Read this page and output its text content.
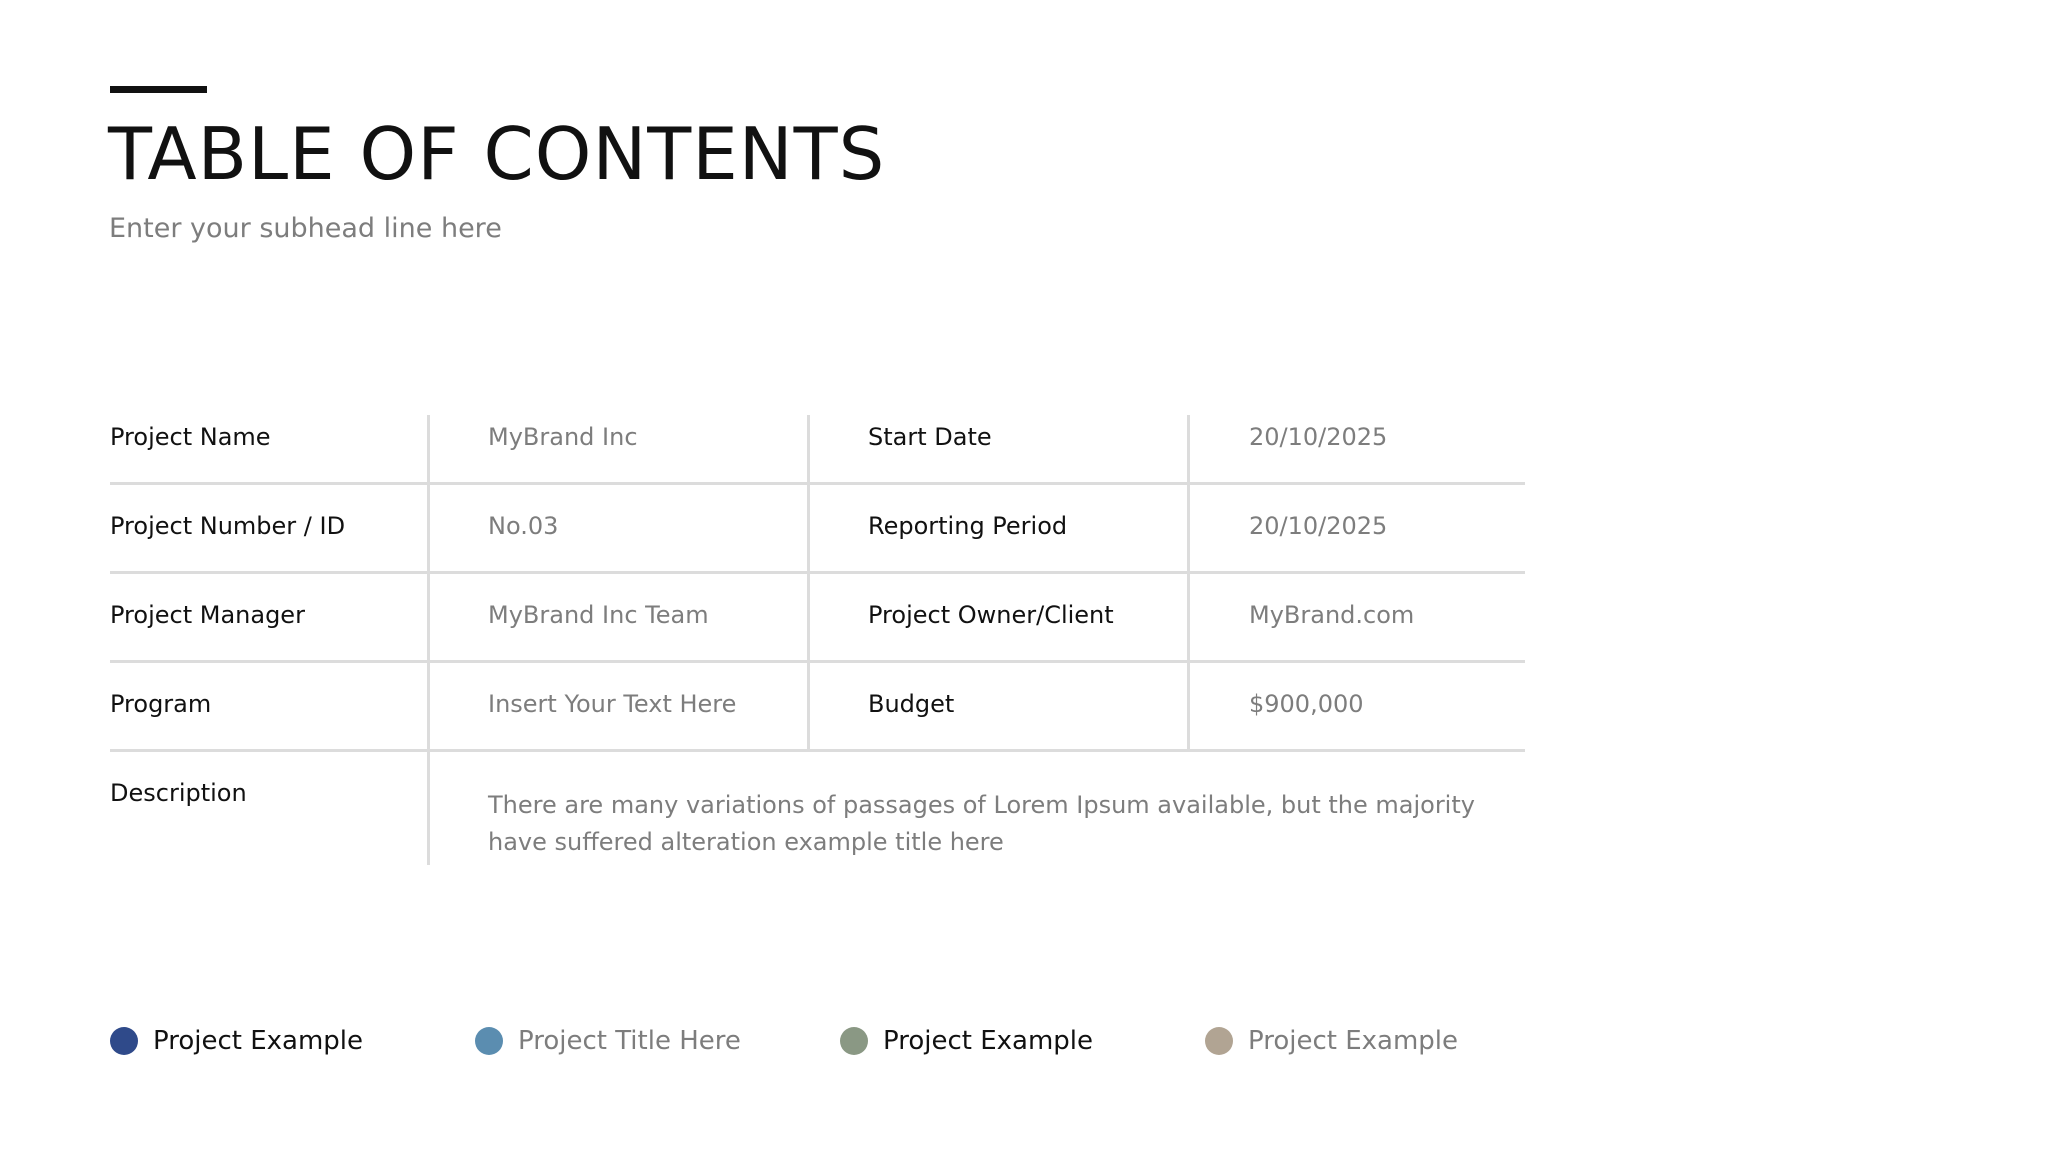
TABLE OF CONTENTS
Enter your subhead line here
Project Name	MyBrand Inc	Start Date	20/10/2025
Project Number / ID	No.03	Reporting Period	20/10/2025
Project Manager	MyBrand Inc Team	Project Owner/Client	MyBrand.com
Program	Insert Your Text Here	Budget	$900,000
Description	There are many variations of passages of Lorem Ipsum available, but the majority have suffered alteration example title here
Project Example	Project Title Here	Project Example	Project Example
